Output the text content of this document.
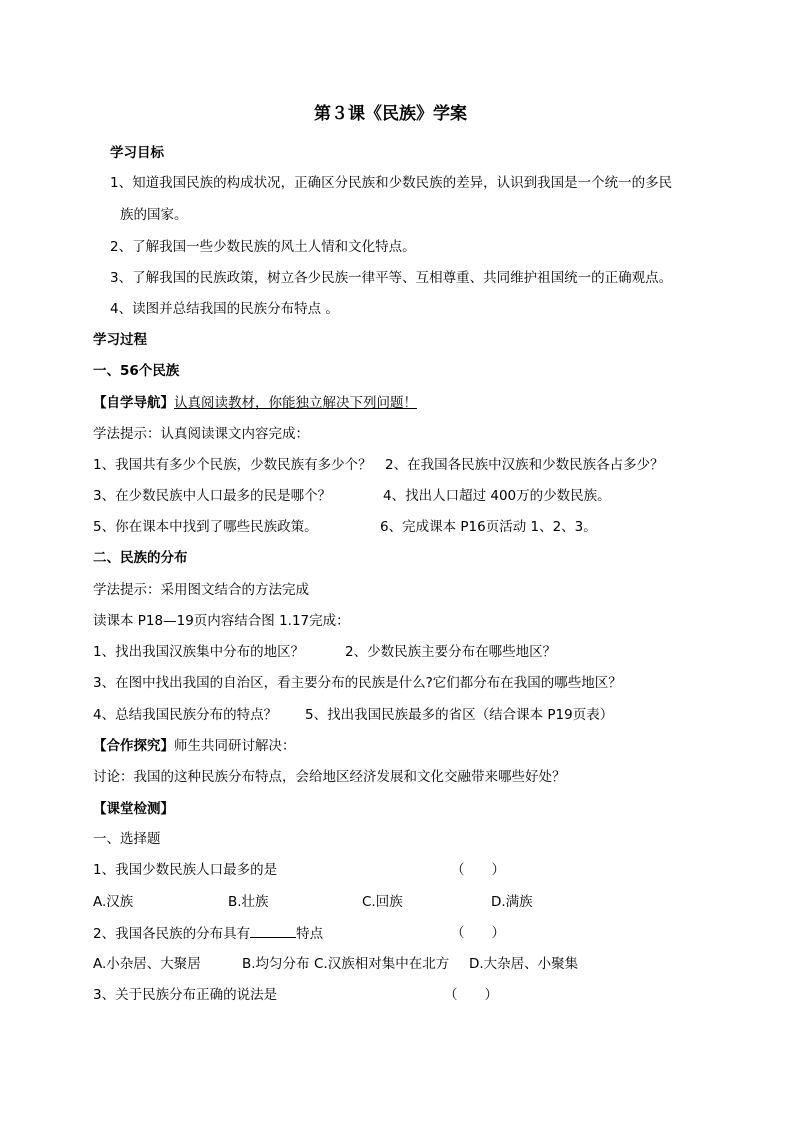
第３课《民族》学案
学习目标
1、知道我国民族的构成状况，正确区分民族和少数民族的差异，认识到我国是一个统一的多民
族的国家。
2、了解我国一些少数民族的风土人情和文化特点。
3、了解我国的民族政策，树立各少民族一律平等、互相尊重、共同维护祖国统一的正确观点。
4、读图并总结我国的民族分布特点 。
学习过程
一、56个民族
【自学导航】认真阅读教材，你能独立解决下列问题！
学法提示：认真阅读课文内容完成：
1、我国共有多少个民族，少数民族有多少个？ 2、在我国各民族中汉族和少数民族各占多少？
3、在少数民族中人口最多的民是哪个？	4、找出人口超过 400万的少数民族。
5、你在课本中找到了哪些民族政策。	6、完成课本 P16页活动 1、2、3。
二、民族的分布
学法提示：采用图文结合的方法完成
读课本 P18—19页内容结合图 1.17完成：
1、找出我国汉族集中分布的地区？	2、少数民族主要分布在哪些地区？
3、在图中找出我国的自治区，看主要分布的民族是什么?它们都分布在我国的哪些地区？
4、总结我国民族分布的特点？ 5、找出我国民族最多的省区（结合课本 P19页表）
【合作探究】师生共同研讨解决：
讨论：我国的这种民族分布特点，会给地区经济发展和文化交融带来哪些好处？
【课堂检测】
一、选择题
1、我国少数民族人口最多的是	（　　）
A.汉族	B.壮族	C.回族	D.满族
2、我国各民族的分布具有	特点	（　　）
A.小杂居、大聚居	B.均匀分布 C.汉族相对集中在北方 D.大杂居、小聚集
3、关于民族分布正确的说法是	（　　）
